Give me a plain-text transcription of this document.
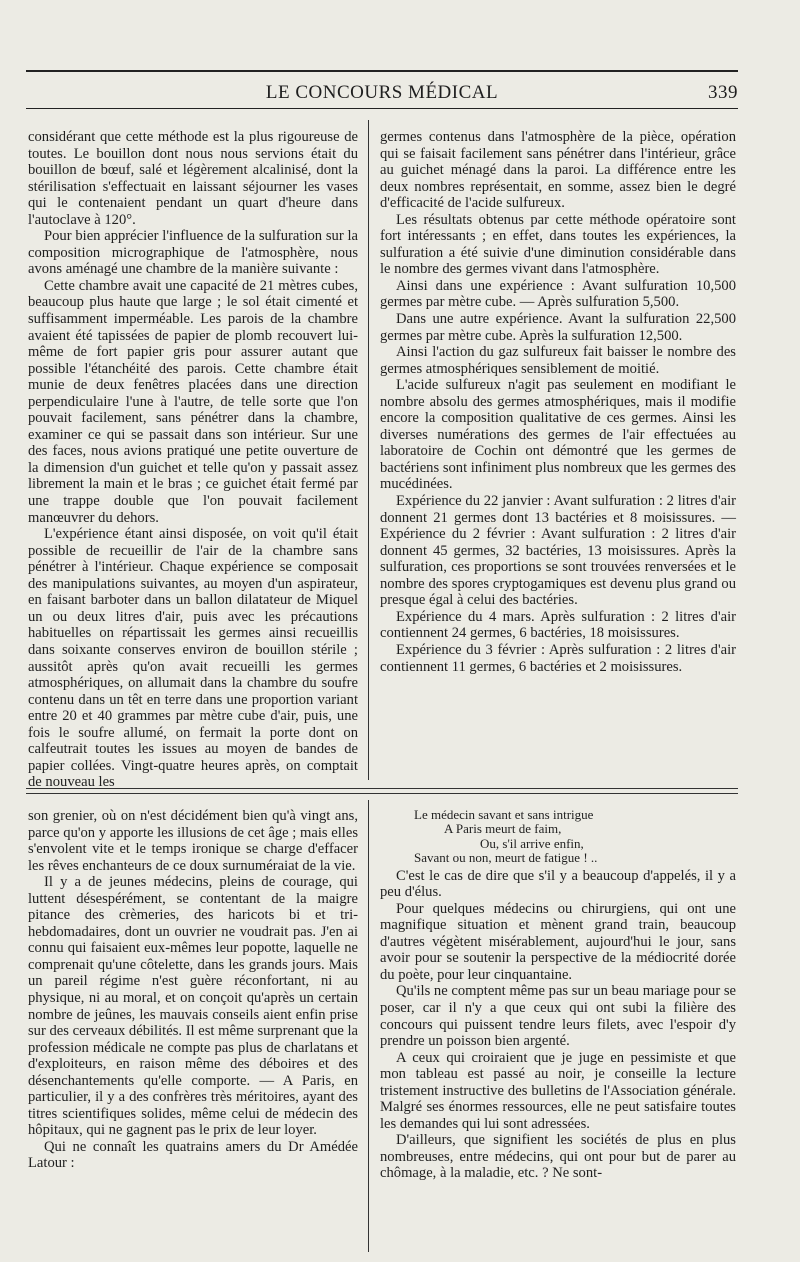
LE CONCOURS MÉDICAL	339

considérant que cette méthode est la plus rigoureuse de toutes. Le bouillon dont nous nous servions était du bouillon de bœuf, salé et légèrement alcalinisé, dont la stérilisation s'effectuait en laissant séjourner les vases qui le contenaient pendant un quart d'heure dans l'autoclave à 120°.

Pour bien apprécier l'influence de la sulfuration sur la composition micrographique de l'atmosphère, nous avons aménagé une chambre de la manière suivante :

Cette chambre avait une capacité de 21 mètres cubes, beaucoup plus haute que large ; le sol était cimenté et suffisamment imperméable. Les parois de la chambre avaient été tapissées de papier de plomb recouvert lui-même de fort papier gris pour assurer autant que possible l'étanchéité des parois. Cette chambre était munie de deux fenêtres placées dans une direction perpendiculaire l'une à l'autre, de telle sorte que l'on pouvait facilement, sans pénétrer dans la chambre, examiner ce qui se passait dans son intérieur. Sur une des faces, nous avions pratiqué une petite ouverture de la dimension d'un guichet et telle qu'on y passait assez librement la main et le bras ; ce guichet était fermé par une trappe double que l'on pouvait facilement manœuvrer du dehors.

L'expérience étant ainsi disposée, on voit qu'il était possible de recueillir de l'air de la chambre sans pénétrer à l'intérieur. Chaque expérience se composait des manipulations suivantes, au moyen d'un aspirateur, en faisant barboter dans un ballon dilatateur de Miquel un ou deux litres d'air, puis avec les précautions habituelles on répartissait les germes ainsi recueillis dans soixante conserves environ de bouillon stérile ; aussitôt après qu'on avait recueilli les germes atmosphériques, on allumait dans la chambre du soufre contenu dans un têt en terre dans une proportion variant entre 20 et 40 grammes par mètre cube d'air, puis, une fois le soufre allumé, on fermait la porte dont on calfeutrait toutes les issues au moyen de bandes de papier collées. Vingt-quatre heures après, on comptait de nouveau les

germes contenus dans l'atmosphère de la pièce, opération qui se faisait facilement sans pénétrer dans l'intérieur, grâce au guichet ménagé dans la paroi. La différence entre les deux nombres représentait, en somme, assez bien le degré d'efficacité de l'acide sulfureux.

Les résultats obtenus par cette méthode opératoire sont fort intéressants ; en effet, dans toutes les expériences, la sulfuration a été suivie d'une diminution considérable dans le nombre des germes vivant dans l'atmosphère.

Ainsi dans une expérience : Avant sulfuration 10,500 germes par mètre cube. — Après sulfuration 5,500.

Dans une autre expérience. Avant la sulfuration 22,500 germes par mètre cube. Après la sulfuration 12,500.

Ainsi l'action du gaz sulfureux fait baisser le nombre des germes atmosphériques sensiblement de moitié.

L'acide sulfureux n'agit pas seulement en modifiant le nombre absolu des germes atmosphériques, mais il modifie encore la composition qualitative de ces germes. Ainsi les diverses numérations des germes de l'air effectuées au laboratoire de Cochin ont démontré que les germes de bactériens sont infiniment plus nombreux que les germes des mucédinées.

Expérience du 22 janvier : Avant sulfuration : 2 litres d'air donnent 21 germes dont 13 bactéries et 8 moisissures. — Expérience du 2 février : Avant sulfuration : 2 litres d'air donnent 45 germes, 32 bactéries, 13 moisissures. Après la sulfuration, ces proportions se sont trouvées renversées et le nombre des spores cryptogamiques est devenu plus grand ou presque égal à celui des bactéries.

Expérience du 4 mars. Après sulfuration : 2 litres d'air contiennent 24 germes, 6 bactéries, 18 moisissures.

Expérience du 3 février : Après sulfuration : 2 litres d'air contiennent 11 germes, 6 bactéries et 2 moisissures.

son grenier, où on n'est décidément bien qu'à vingt ans, parce qu'on y apporte les illusions de cet âge ; mais elles s'envolent vite et le temps ironique se charge d'effacer les rêves enchanteurs de ce doux surnuméraiat de la vie.

Il y a de jeunes médecins, pleins de courage, qui luttent désespérément, se contentant de la maigre pitance des crèmeries, des haricots bi et tri-hebdomadaires, dont un ouvrier ne voudrait pas. J'en ai connu qui faisaient eux-mêmes leur popotte, laquelle ne comprenait qu'une côtelette, dans les grands jours. Mais un pareil régime n'est guère réconfortant, ni au physique, ni au moral, et on conçoit qu'après un certain nombre de jeûnes, les mauvais conseils aient enfin prise sur des cerveaux débilités. Il est même surprenant que la profession médicale ne compte pas plus de charlatans et d'exploiteurs, en raison même des déboires et des désenchantements qu'elle comporte. — A Paris, en particulier, il y a des confrères très méritoires, ayant des titres scientifiques solides, même celui de médecin des hôpitaux, qui ne gagnent pas le prix de leur loyer.

Qui ne connaît les quatrains amers du Dr Amédée Latour :

Le médecin savant et sans intrigue
A Paris meurt de faim,
Ou, s'il arrive enfin,
Savant ou non, meurt de fatigue ! ..

C'est le cas de dire que s'il y a beaucoup d'appelés, il y a peu d'élus.

Pour quelques médecins ou chirurgiens, qui ont une magnifique situation et mènent grand train, beaucoup d'autres végètent misérablement, aujourd'hui le jour, sans avoir pour se soutenir la perspective de la médiocrité dorée du poète, pour leur cinquantaine.

Qu'ils ne comptent même pas sur un beau mariage pour se poser, car il n'y a que ceux qui ont subi la filière des concours qui puissent tendre leurs filets, avec l'espoir d'y prendre un poisson bien argenté.

A ceux qui croiraient que je juge en pessimiste et que mon tableau est passé au noir, je conseille la lecture tristement instructive des bulletins de l'Association générale. Malgré ses énormes ressources, elle ne peut satisfaire toutes les demandes qui lui sont adressées.

D'ailleurs, que signifient les sociétés de plus en plus nombreuses, entre médecins, qui ont pour but de parer au chômage, à la maladie, etc. ? Ne sont-
